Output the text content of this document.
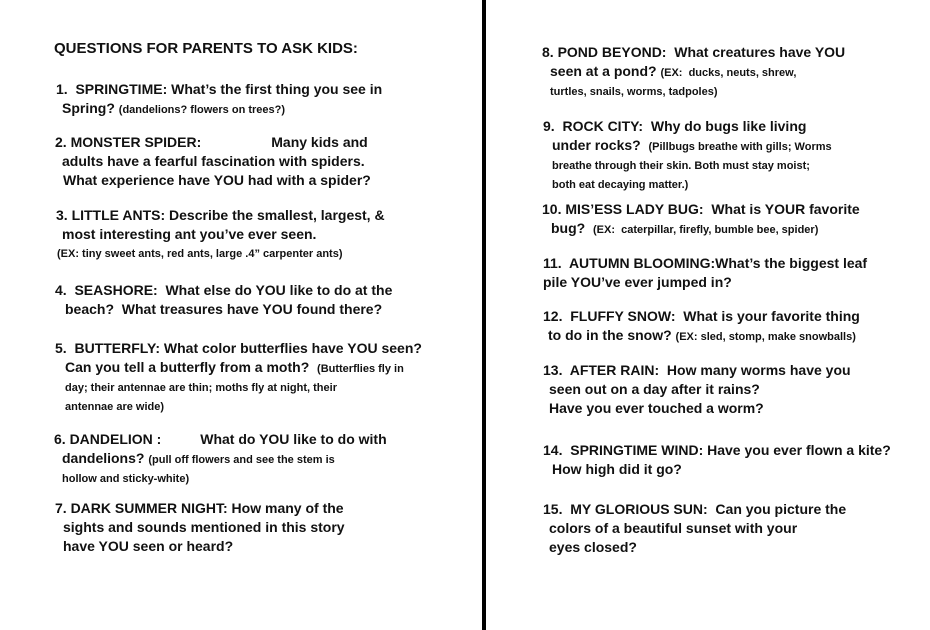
QUESTIONS FOR PARENTS TO ASK KIDS:
1.  SPRINGTIME: What’s the first thing you see in
Spring? (dandelions? flowers on trees?)
2. MONSTER SPIDER:                  Many kids and
adults have a fearful fascination with spiders.
What experience have YOU had with a spider?
3. LITTLE ANTS: Describe the smallest, largest, &
most interesting ant you’ve ever seen.
(EX: tiny sweet ants, red ants, large .4” carpenter ants)
4.  SEASHORE:  What else do YOU like to do at the
beach?  What treasures have YOU found there?
5.  BUTTERFLY: What color butterflies have YOU seen?
Can you tell a butterfly from a moth?  (Butterflies fly in
day; their antennae are thin; moths fly at night, their
antennae are wide)
6. DANDELION :          What do YOU like to do with
dandelions? (pull off flowers and see the stem is
hollow and sticky-white)
7. DARK SUMMER NIGHT: How many of the
sights and sounds mentioned in this story
have YOU seen or heard?
8. POND BEYOND:  What creatures have YOU
seen at a pond? (EX:  ducks, neuts, shrew,
turtles, snails, worms, tadpoles)
9.  ROCK CITY:  Why do bugs like living
under rocks?  (Pillbugs breathe with gills; Worms
breathe through their skin. Both must stay moist;
both eat decaying matter.)
10. MIS’ESS LADY BUG:  What is YOUR favorite
bug?  (EX:  caterpillar, firefly, bumble bee, spider)
11.  AUTUMN BLOOMING:What’s the biggest leaf
pile YOU’ve ever jumped in?
12.  FLUFFY SNOW:  What is your favorite thing
to do in the snow? (EX: sled, stomp, make snowballs)
13.  AFTER RAIN:  How many worms have you
seen out on a day after it rains?
Have you ever touched a worm?
14.  SPRINGTIME WIND: Have you ever flown a kite?
How high did it go?
15.  MY GLORIOUS SUN:  Can you picture the
colors of a beautiful sunset with your
eyes closed?
